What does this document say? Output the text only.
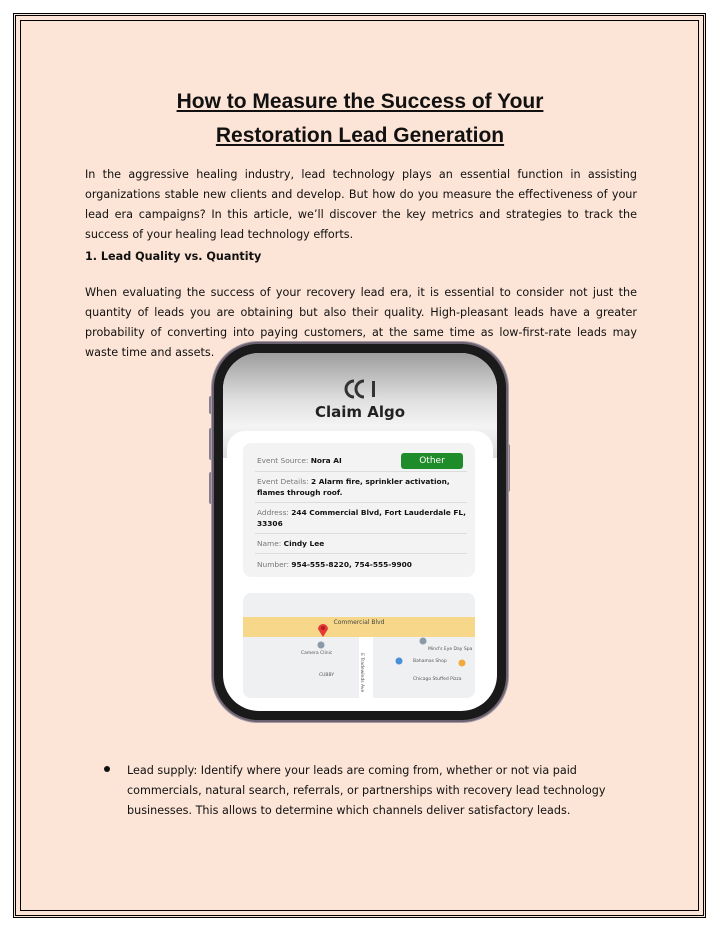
How to Measure the Success of Your
Restoration Lead Generation

In the aggressive healing industry, lead technology plays an essential function in assisting organizations stable new clients and develop. But how do you measure the effectiveness of your lead era campaigns? In this article, we’ll discover the key metrics and strategies to track the success of your healing lead technology efforts.

1. Lead Quality vs. Quantity

When evaluating the success of your recovery lead era, it is essential to consider not just the quantity of leads you are obtaining but also their quality. High-pleasant leads have a greater probability of converting into paying customers, at the same time as low-first-rate leads may waste time and assets.

Claim Algo
Other
Event Source: Nora AI
Event Details: 2 Alarm fire, sprinkler activation, flames through roof.
Address: 244 Commercial Blvd, Fort Lauderdale FL, 33306
Name: Cindy Lee
Number: 954-555-8220, 754-555-9900
Commercial Blvd
Camera Clinic
Mind's Eye Day Spa
CUBBY
Chicago Stuffed Pizza
Bahamas Shop
E Tradewinds Ave

Lead supply: Identify where your leads are coming from, whether or not via paid commercials, natural search, referrals, or partnerships with recovery lead technology businesses. This allows to determine which channels deliver satisfactory leads.
